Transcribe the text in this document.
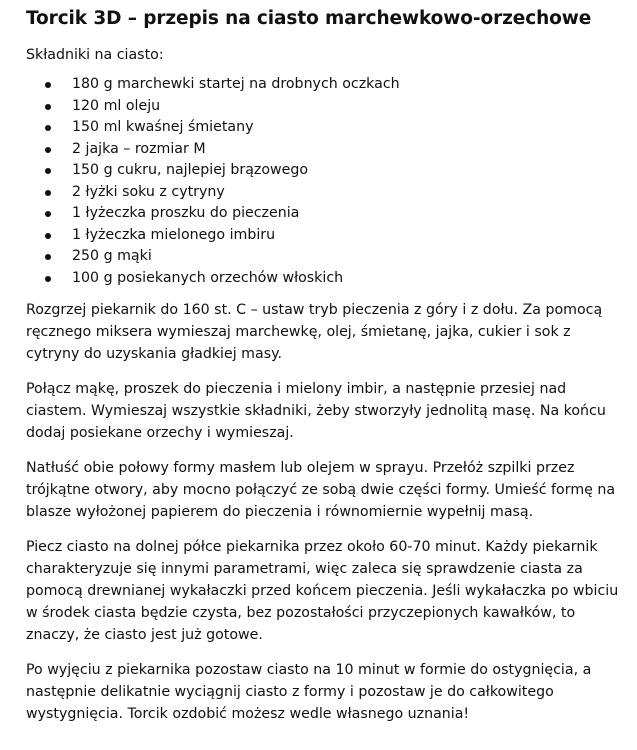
Torcik 3D – przepis na ciasto marchewkowo-orzechowe
Składniki na ciasto:
180 g marchewki startej na drobnych oczkach
120 ml oleju
150 ml kwaśnej śmietany
2 jajka – rozmiar M
150 g cukru, najlepiej brązowego
2 łyżki soku z cytryny
1 łyżeczka proszku do pieczenia
1 łyżeczka mielonego imbiru
250 g mąki
100 g posiekanych orzechów włoskich

Rozgrzej piekarnik do 160 st. C – ustaw tryb pieczenia z góry i z dołu. Za pomocą ręcznego miksera wymieszaj marchewkę, olej, śmietanę, jajka, cukier i sok z cytryny do uzyskania gładkiej masy.

Połącz mąkę, proszek do pieczenia i mielony imbir, a następnie przesiej nad ciastem. Wymieszaj wszystkie składniki, żeby stworzyły jednolitą masę. Na końcu dodaj posiekane orzechy i wymieszaj.

Natłuść obie połowy formy masłem lub olejem w sprayu. Przełóż szpilki przez trójkątne otwory, aby mocno połączyć ze sobą dwie części formy. Umieść formę na blasze wyłożonej papierem do pieczenia i równomiernie wypełnij masą.

Piecz ciasto na dolnej półce piekarnika przez około 60-70 minut. Każdy piekarnik charakteryzuje się innymi parametrami, więc zaleca się sprawdzenie ciasta za pomocą drewnianej wykałaczki przed końcem pieczenia. Jeśli wykałaczka po wbiciu w środek ciasta będzie czysta, bez pozostałości przyczepionych kawałków, to znaczy, że ciasto jest już gotowe.

Po wyjęciu z piekarnika pozostaw ciasto na 10 minut w formie do ostygnięcia, a następnie delikatnie wyciągnij ciasto z formy i pozostaw je do całkowitego wystygnięcia. Torcik ozdobić możesz wedle własnego uznania!
